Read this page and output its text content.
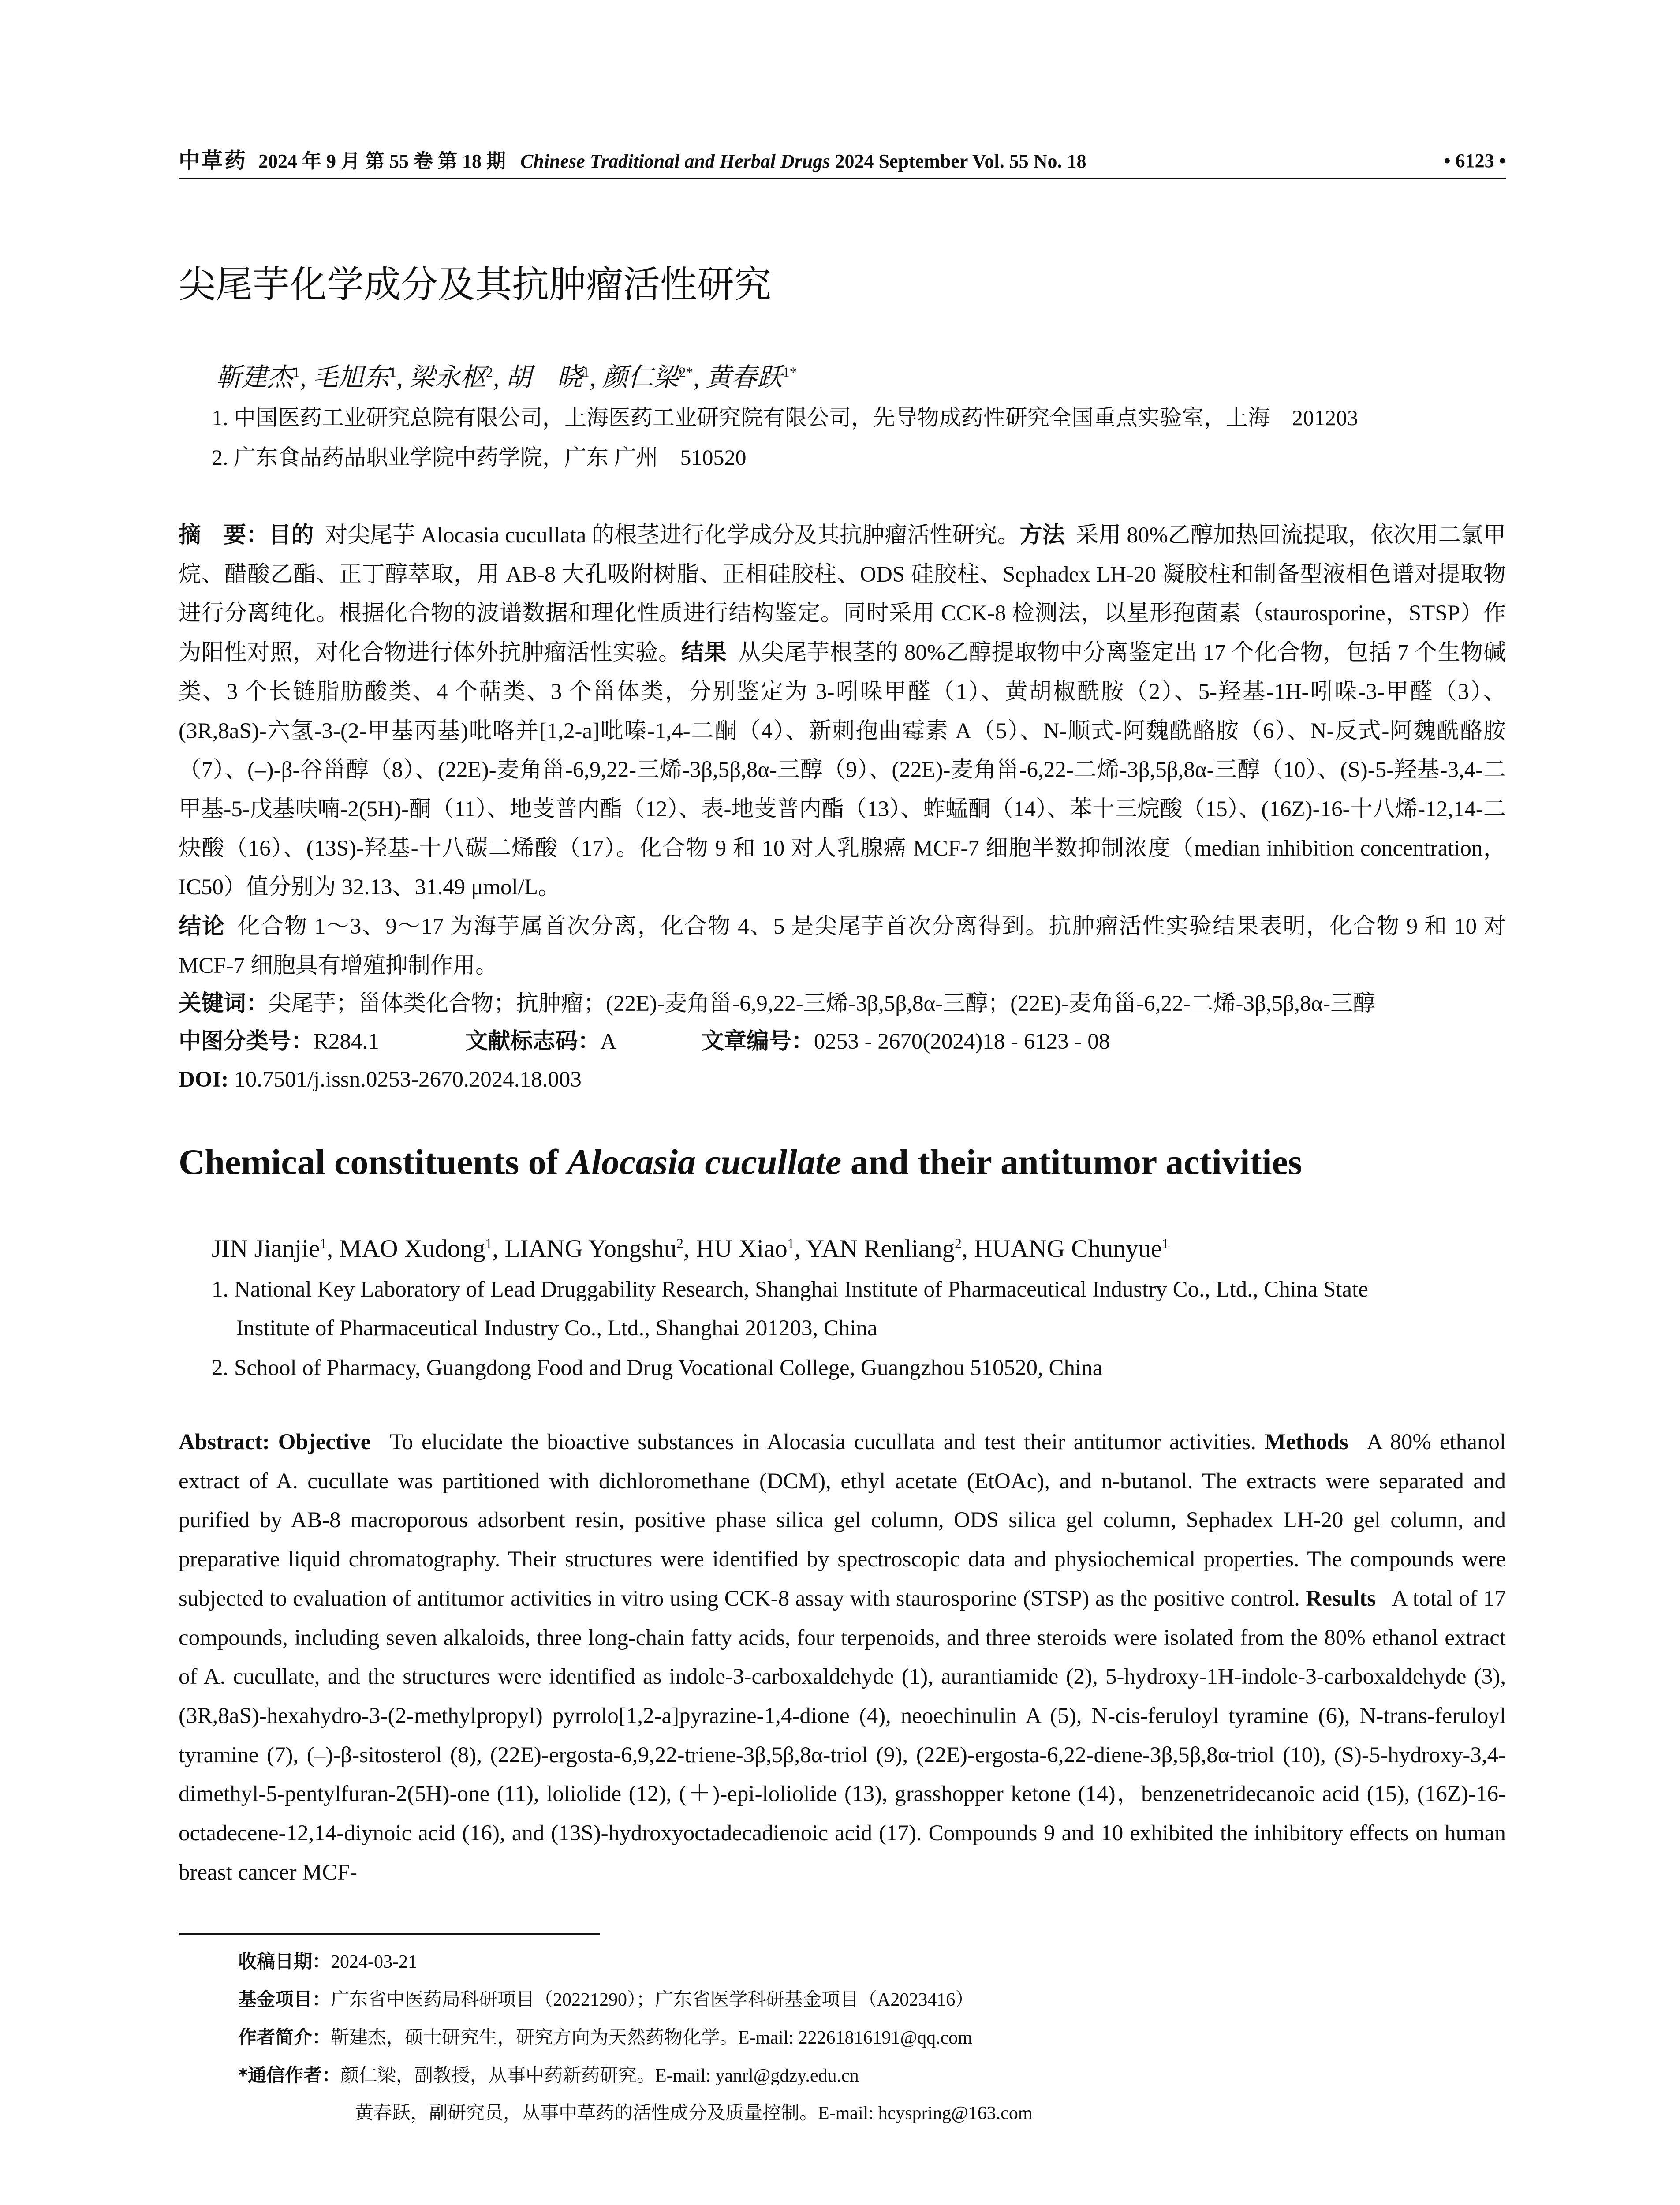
中草药 2024 年 9 月 第 55 卷 第 18 期 Chinese Traditional and Herbal Drugs 2024 September Vol. 55 No. 18	• 6123 •
尖尾芋化学成分及其抗肿瘤活性研究
靳建杰$^1$, 毛旭东$^1$, 梁永枢$^2$, 胡　晓$^1$, 颜仁梁$^{2*}$, 黄春跃$^{1*}$
1. 中国医药工业研究总院有限公司，上海医药工业研究院有限公司，先导物成药性研究全国重点实验室，上海　201203
2. 广东食品药品职业学院中药学院，广东 广州　510520
摘　要：目的  对尖尾芋 Alocasia cucullata 的根茎进行化学成分及其抗肿瘤活性研究。方法  采用 80%乙醇加热回流提取，依次用二氯甲烷、醋酸乙酯、正丁醇萃取，用 AB-8 大孔吸附树脂、正相硅胶柱、ODS 硅胶柱、Sephadex LH-20 凝胶柱和制备型液相色谱对提取物进行分离纯化。根据化合物的波谱数据和理化性质进行结构鉴定。同时采用 CCK-8 检测法，以星形孢菌素（staurosporine，STSP）作为阳性对照，对化合物进行体外抗肿瘤活性实验。结果  从尖尾芋根茎的 80%乙醇提取物中分离鉴定出 17 个化合物，包括 7 个生物碱类、3 个长链脂肪酸类、4 个萜类、3 个甾体类，分别鉴定为 3-吲哚甲醛（1）、黄胡椒酰胺（2）、5-羟基-1H-吲哚-3-甲醛（3）、(3R,8aS)-六氢-3-(2-甲基丙基)吡咯并[1,2-a]吡嗪-1,4-二酮（4）、新刺孢曲霉素 A（5）、N-顺式-阿魏酰酪胺（6）、N-反式-阿魏酰酪胺（7）、(–)-β-谷甾醇（8）、(22E)-麦角甾-6,9,22-三烯-3β,5β,8α-三醇（9）、(22E)-麦角甾-6,22-二烯-3β,5β,8α-三醇（10）、(S)-5-羟基-3,4-二甲基-5-戊基呋喃-2(5H)-酮（11）、地芰普内酯（12）、表-地芰普内酯（13）、蚱蜢酮（14）、苯十三烷酸（15）、(16Z)-16-十八烯-12,14-二炔酸（16）、(13S)-羟基-十八碳二烯酸（17）。化合物 9 和 10 对人乳腺癌 MCF-7 细胞半数抑制浓度（median inhibition concentration，IC50）值分别为 32.13、31.49 μmol/L。
结论  化合物 1～3、9～17 为海芋属首次分离，化合物 4、5 是尖尾芋首次分离得到。抗肿瘤活性实验结果表明，化合物 9 和 10 对 MCF-7 细胞具有增殖抑制作用。
关键词：尖尾芋；甾体类化合物；抗肿瘤；(22E)-麦角甾-6,9,22-三烯-3β,5β,8α-三醇；(22E)-麦角甾-6,22-二烯-3β,5β,8α-三醇
中图分类号：R284.1	文献标志码：A	文章编号：0253 - 2670(2024)18 - 6123 - 08
DOI: 10.7501/j.issn.0253-2670.2024.18.003
Chemical constituents of Alocasia cucullate and their antitumor activities
JIN Jianjie$^1$, MAO Xudong$^1$, LIANG Yongshu$^2$, HU Xiao$^1$, YAN Renliang$^2$, HUANG Chunyue$^1$
1. National Key Laboratory of Lead Druggability Research, Shanghai Institute of Pharmaceutical Industry Co., Ltd., China State
Institute of Pharmaceutical Industry Co., Ltd., Shanghai 201203, China
2. School of Pharmacy, Guangdong Food and Drug Vocational College, Guangzhou 510520, China
Abstract: Objective  To elucidate the bioactive substances in Alocasia cucullata and test their antitumor activities. Methods  A 80% ethanol extract of A. cucullate was partitioned with dichloromethane (DCM), ethyl acetate (EtOAc), and n-butanol. The extracts were separated and purified by AB-8 macroporous adsorbent resin, positive phase silica gel column, ODS silica gel column, Sephadex LH-20 gel column, and preparative liquid chromatography. Their structures were identified by spectroscopic data and physiochemical properties. The compounds were subjected to evaluation of antitumor activities in vitro using CCK-8 assay with staurosporine (STSP) as the positive control. Results  A total of 17 compounds, including seven alkaloids, three long-chain fatty acids, four terpenoids, and three steroids were isolated from the 80% ethanol extract of A. cucullate, and the structures were identified as indole-3-carboxaldehyde (1), aurantiamide (2), 5-hydroxy-1H-indole-3-carboxaldehyde (3), (3R,8aS)-hexahydro-3-(2-methylpropyl) pyrrolo[1,2-a]pyrazine-1,4-dione (4), neoechinulin A (5), N-cis-feruloyl tyramine (6), N-trans-feruloyl tyramine (7), (–)-β-sitosterol (8), (22E)-ergosta-6,9,22-triene-3β,5β,8α-triol (9), (22E)-ergosta-6,22-diene-3β,5β,8α-triol (10), (S)-5-hydroxy-3,4-dimethyl-5-pentylfuran-2(5H)-one (11), loliolide (12), (＋)-epi-loliolide (13), grasshopper ketone (14)，benzenetridecanoic acid (15), (16Z)-16-octadecene-12,14-diynoic acid (16), and (13S)-hydroxyoctadecadienoic acid (17). Compounds 9 and 10 exhibited the inhibitory effects on human breast cancer MCF-
收稿日期：2024-03-21
基金项目：广东省中医药局科研项目（20221290）；广东省医学科研基金项目（A2023416）
作者简介：靳建杰，硕士研究生，研究方向为天然药物化学。E-mail: 22261816191@qq.com
*通信作者：颜仁梁，副教授，从事中药新药研究。E-mail: yanrl@gdzy.edu.cn
黄春跃，副研究员，从事中草药的活性成分及质量控制。E-mail: hcyspring@163.com
